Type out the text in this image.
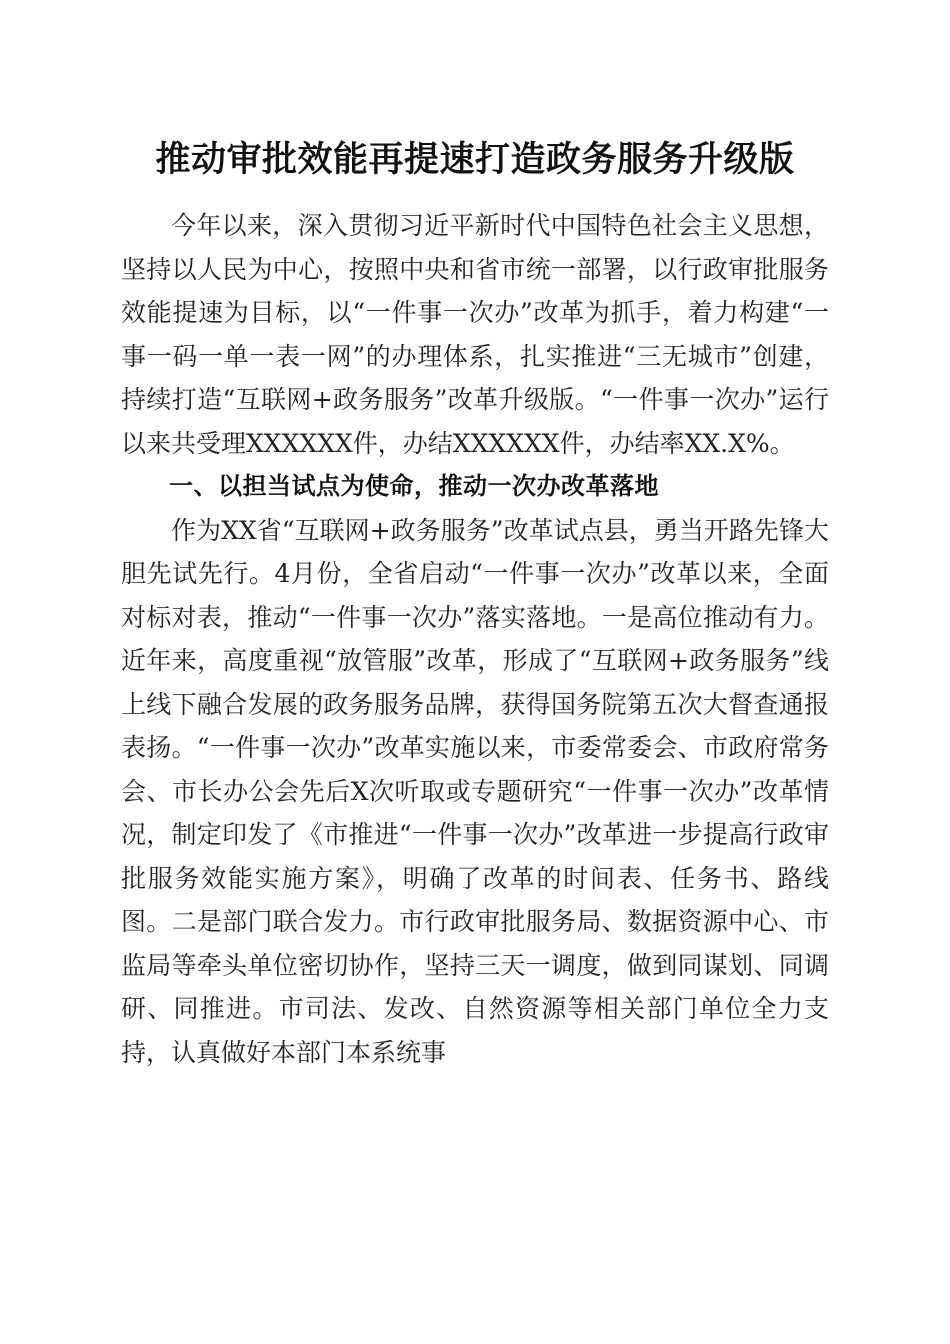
推动审批效能再提速打造政务服务升级版

今年以来，深入贯彻习近平新时代中国特色社会主义思想，坚持以人民为中心，按照中央和省市统一部署，以行政审批服务效能提速为目标，以“一件事一次办”改革为抓手，着力构建“一事一码一单一表一网”的办理体系，扎实推进“三无城市”创建，持续打造“互联网+政务服务”改革升级版。“一件事一次办”运行以来共受理XXXXXX件，办结XXXXXX件，办结率XX.X%。

一、以担当试点为使命，推动一次办改革落地

作为XX省“互联网+政务服务”改革试点县，勇当开路先锋大胆先试先行。4月份，全省启动“一件事一次办”改革以来，全面对标对表，推动“一件事一次办”落实落地。一是高位推动有力。近年来，高度重视“放管服”改革，形成了“互联网+政务服务”线上线下融合发展的政务服务品牌，获得国务院第五次大督查通报表扬。“一件事一次办”改革实施以来，市委常委会、市政府常务会、市长办公会先后X次听取或专题研究“一件事一次办”改革情况，制定印发了《市推进“一件事一次办”改革进一步提高行政审批服务效能实施方案》，明确了改革的时间表、任务书、路线图。二是部门联合发力。市行政审批服务局、数据资源中心、市监局等牵头单位密切协作，坚持三天一调度，做到同谋划、同调研、同推进。市司法、发改、自然资源等相关部门单位全力支持，认真做好本部门本系统事
